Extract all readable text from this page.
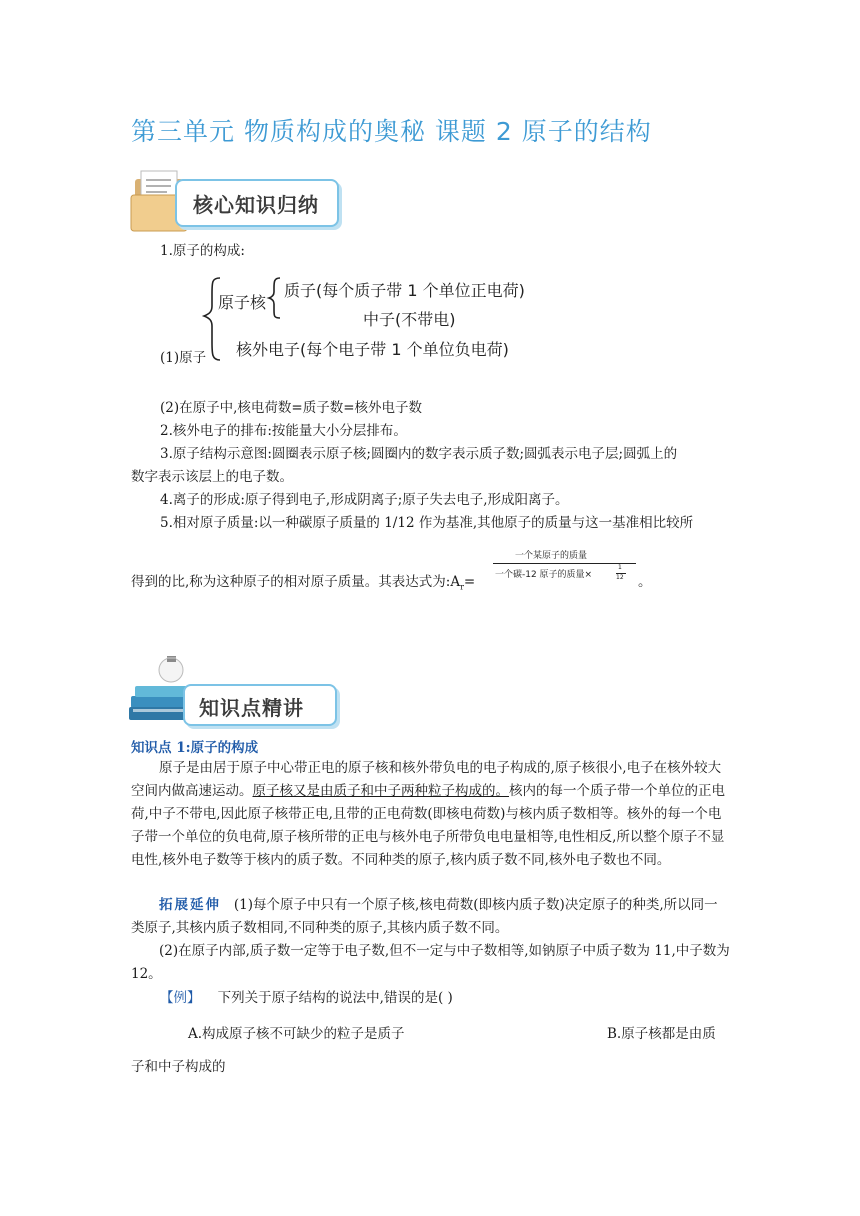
第三单元 物质构成的奥秘 课题 2 原子的结构
核心知识归纳
1.原子的构成:
原子核
质子(每个质子带 1 个单位正电荷)
中子(不带电)
核外电子(每个电子带 1 个单位负电荷)
(1)原子
(2)在原子中,核电荷数=质子数=核外电子数
2.核外电子的排布:按能量大小分层排布。
3.原子结构示意图:圆圈表示原子核;圆圈内的数字表示质子数;圆弧表示电子层;圆弧上的
数字表示该层上的电子数。
4.离子的形成:原子得到电子,形成阴离子;原子失去电子,形成阳离子。
5.相对原子质量:以一种碳原子质量的 1/12 作为基准,其他原子的质量与这一基准相比较所
得到的比,称为这种原子的相对原子质量。其表达式为$:A_r=$
一个某原子的质量
一个碳-12 原子的质量×
1
12 。
知识点精讲
知识点 1:原子的构成
原子是由居于原子中心带正电的原子核和核外带负电的电子构成的,原子核很小,电子在核外较大空间内做高速运动。原子核又是由质子和中子两种粒子构成的。核内的每一个质子带一个单位的正电荷,中子不带电,因此原子核带正电,且带的正电荷数(即核电荷数)与核内质子数相等。核外的每一个电子带一个单位的负电荷,原子核所带的正电与核外电子所带负电电量相等,电性相反,所以整个原子不显电性,核外电子数等于核内的质子数。不同种类的原子,核内质子数不同,核外电子数也不同。
拓展延伸 (1)每个原子中只有一个原子核,核电荷数(即核内质子数)决定原子的种类,所以同一类原子,其核内质子数相同,不同种类的原子,其核内质子数不同。
(2)在原子内部,质子数一定等于电子数,但不一定与中子数相等,如钠原子中质子数为 11,中子数为 12。
【例】 下列关于原子结构的说法中,错误的是( )
A.构成原子核不可缺少的粒子是质子	B.原子核都是由质
子和中子构成的
